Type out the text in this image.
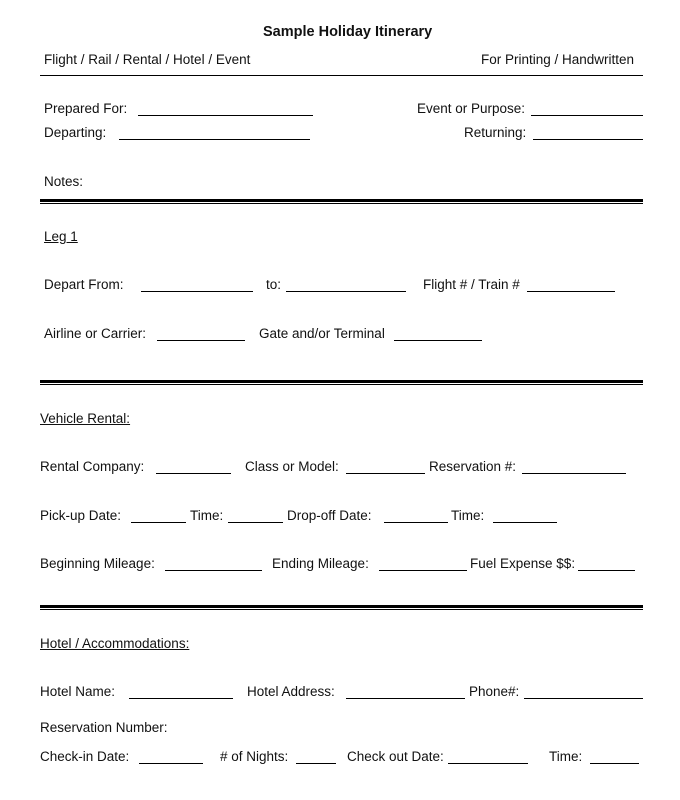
Sample Holiday Itinerary
Flight / Rail / Rental / Hotel / Event	For Printing / Handwritten
Prepared For:	Event or Purpose:
Departing:	Returning:
Notes:
Leg 1
Depart From:	to:	Flight # / Train #
Airline or Carrier:	Gate and/or Terminal
Vehicle Rental:
Rental Company:	Class or Model:	Reservation #:
Pick-up Date:	Time:	Drop-off Date:	Time:
Beginning Mileage:	Ending Mileage:	Fuel Expense $$:
Hotel / Accommodations:
Hotel Name:	Hotel Address:	Phone#:
Reservation Number:
Check-in Date:	# of Nights:	Check out Date:	Time:
